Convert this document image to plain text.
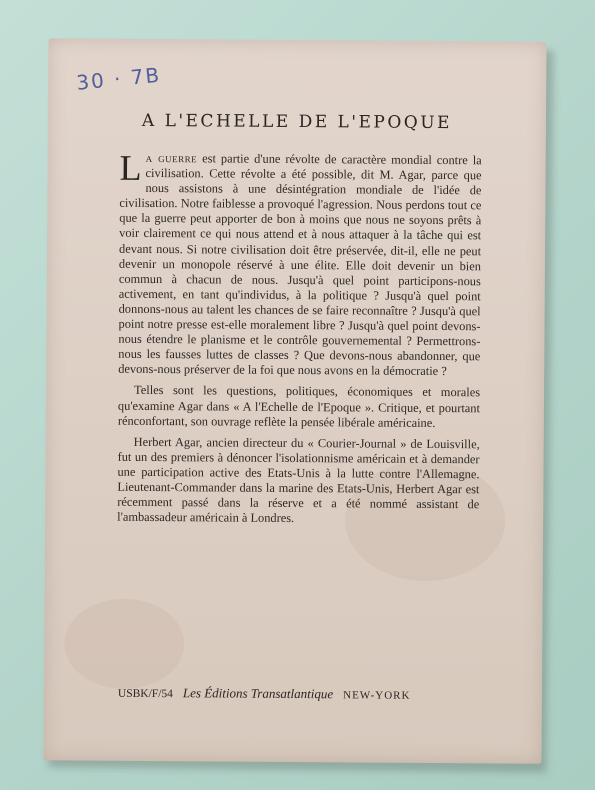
30 · 7B
A L'ECHELLE DE L'EPOQUE

La guerre est partie d'une révolte de caractère mondial contre la civilisation. Cette révolte a été possible, dit M. Agar, parce que nous assistons à une désintégration mondiale de l'idée de civilisation. Notre faiblesse a provoqué l'agression. Nous perdons tout ce que la guerre peut apporter de bon à moins que nous ne soyons prêts à voir clairement ce qui nous attend et à nous attaquer à la tâche qui est devant nous. Si notre civilisation doit être préservée, dit-il, elle ne peut devenir un monopole réservé à une élite. Elle doit devenir un bien commun à chacun de nous. Jusqu'à quel point participons-nous activement, en tant qu'individus, à la politique ? Jusqu'à quel point donnons-nous au talent les chances de se faire reconnaître ? Jusqu'à quel point notre presse est-elle moralement libre ? Jusqu'à quel point devons-nous étendre le planisme et le contrôle gouvernemental ? Permettrons-nous les fausses luttes de classes ? Que devons-nous abandonner, que devons-nous préserver de la foi que nous avons en la démocratie ?

Telles sont les questions, politiques, économiques et morales qu'examine Agar dans « A l'Echelle de l'Epoque ». Critique, et pourtant rénconfortant, son ouvrage reflète la pensée libérale américaine.

Herbert Agar, ancien directeur du « Courier-Journal » de Louisville, fut un des premiers à dénoncer l'isolationnisme américain et à demander une participation active des Etats-Unis à la lutte contre l'Allemagne. Lieutenant-Commander dans la marine des Etats-Unis, Herbert Agar est récemment passé dans la réserve et a été nommé assistant de l'ambassadeur américain à Londres.

USBK/F/54 Les Éditions Transatlantique NEW-YORK
